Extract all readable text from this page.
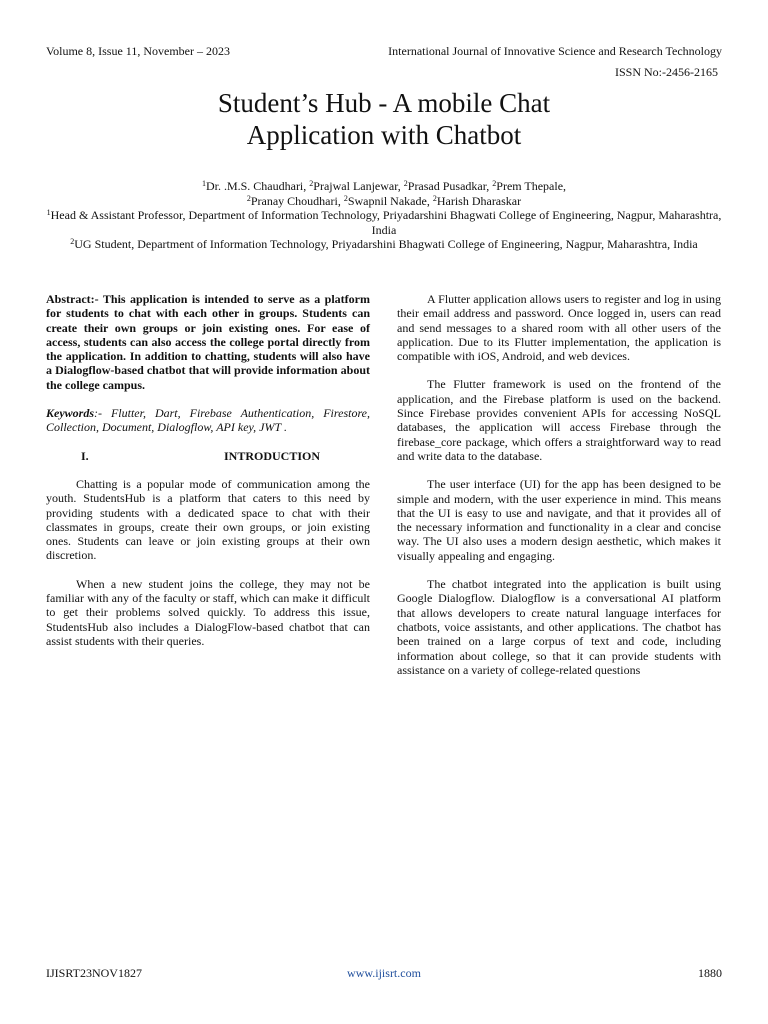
Volume 8, Issue 11, November – 2023	International Journal of Innovative Science and Research Technology
ISSN No:-2456-2165
Student’s Hub - A mobile Chat
Application with Chatbot
$^1$Dr. .M.S. Chaudhari, $^2$Prajwal Lanjewar, $^2$Prasad Pusadkar, $^2$Prem Thepale,
$^2$Pranay Choudhari, $^2$Swapnil Nakade, $^2$Harish Dharaskar
$^1$Head & Assistant Professor, Department of Information Technology, Priyadarshini Bhagwati College of Engineering, Nagpur, Maharashtra, India
$^2$UG Student, Department of Information Technology, Priyadarshini Bhagwati College of Engineering, Nagpur, Maharashtra, India

Abstract:- This application is intended to serve as a platform for students to chat with each other in groups. Students can create their own groups or join existing ones. For ease of access, students can also access the college portal directly from the application. In addition to chatting, students will also have a Dialogflow-based chatbot that will provide information about the college campus.

Keywords:- Flutter, Dart, Firebase Authentication, Firestore, Collection, Document, Dialogflow, API key, JWT .

I.	INTRODUCTION

Chatting is a popular mode of communication among the youth. StudentsHub is a platform that caters to this need by providing students with a dedicated space to chat with their classmates in groups, create their own groups, or join existing ones. Students can leave or join existing groups at their own discretion.

When a new student joins the college, they may not be familiar with any of the faculty or staff, which can make it difficult to get their problems solved quickly. To address this issue, StudentsHub also includes a DialogFlow-based chatbot that can assist students with their queries.

A Flutter application allows users to register and log in using their email address and password. Once logged in, users can read and send messages to a shared room with all other users of the application. Due to its Flutter implementation, the application is compatible with iOS, Android, and web devices.

The Flutter framework is used on the frontend of the application, and the Firebase platform is used on the backend. Since Firebase provides convenient APIs for accessing NoSQL databases, the application will access Firebase through the firebase_core package, which offers a straightforward way to read and write data to the database.

The user interface (UI) for the app has been designed to be simple and modern, with the user experience in mind. This means that the UI is easy to use and navigate, and that it provides all of the necessary information and functionality in a clear and concise way. The UI also uses a modern design aesthetic, which makes it visually appealing and engaging.

The chatbot integrated into the application is built using Google Dialogflow. Dialogflow is a conversational AI platform that allows developers to create natural language interfaces for chatbots, voice assistants, and other applications. The chatbot has been trained on a large corpus of text and code, including information about college, so that it can provide students with assistance on a variety of college-related questions

IJISRT23NOV1827	www.ijisrt.com	1880
